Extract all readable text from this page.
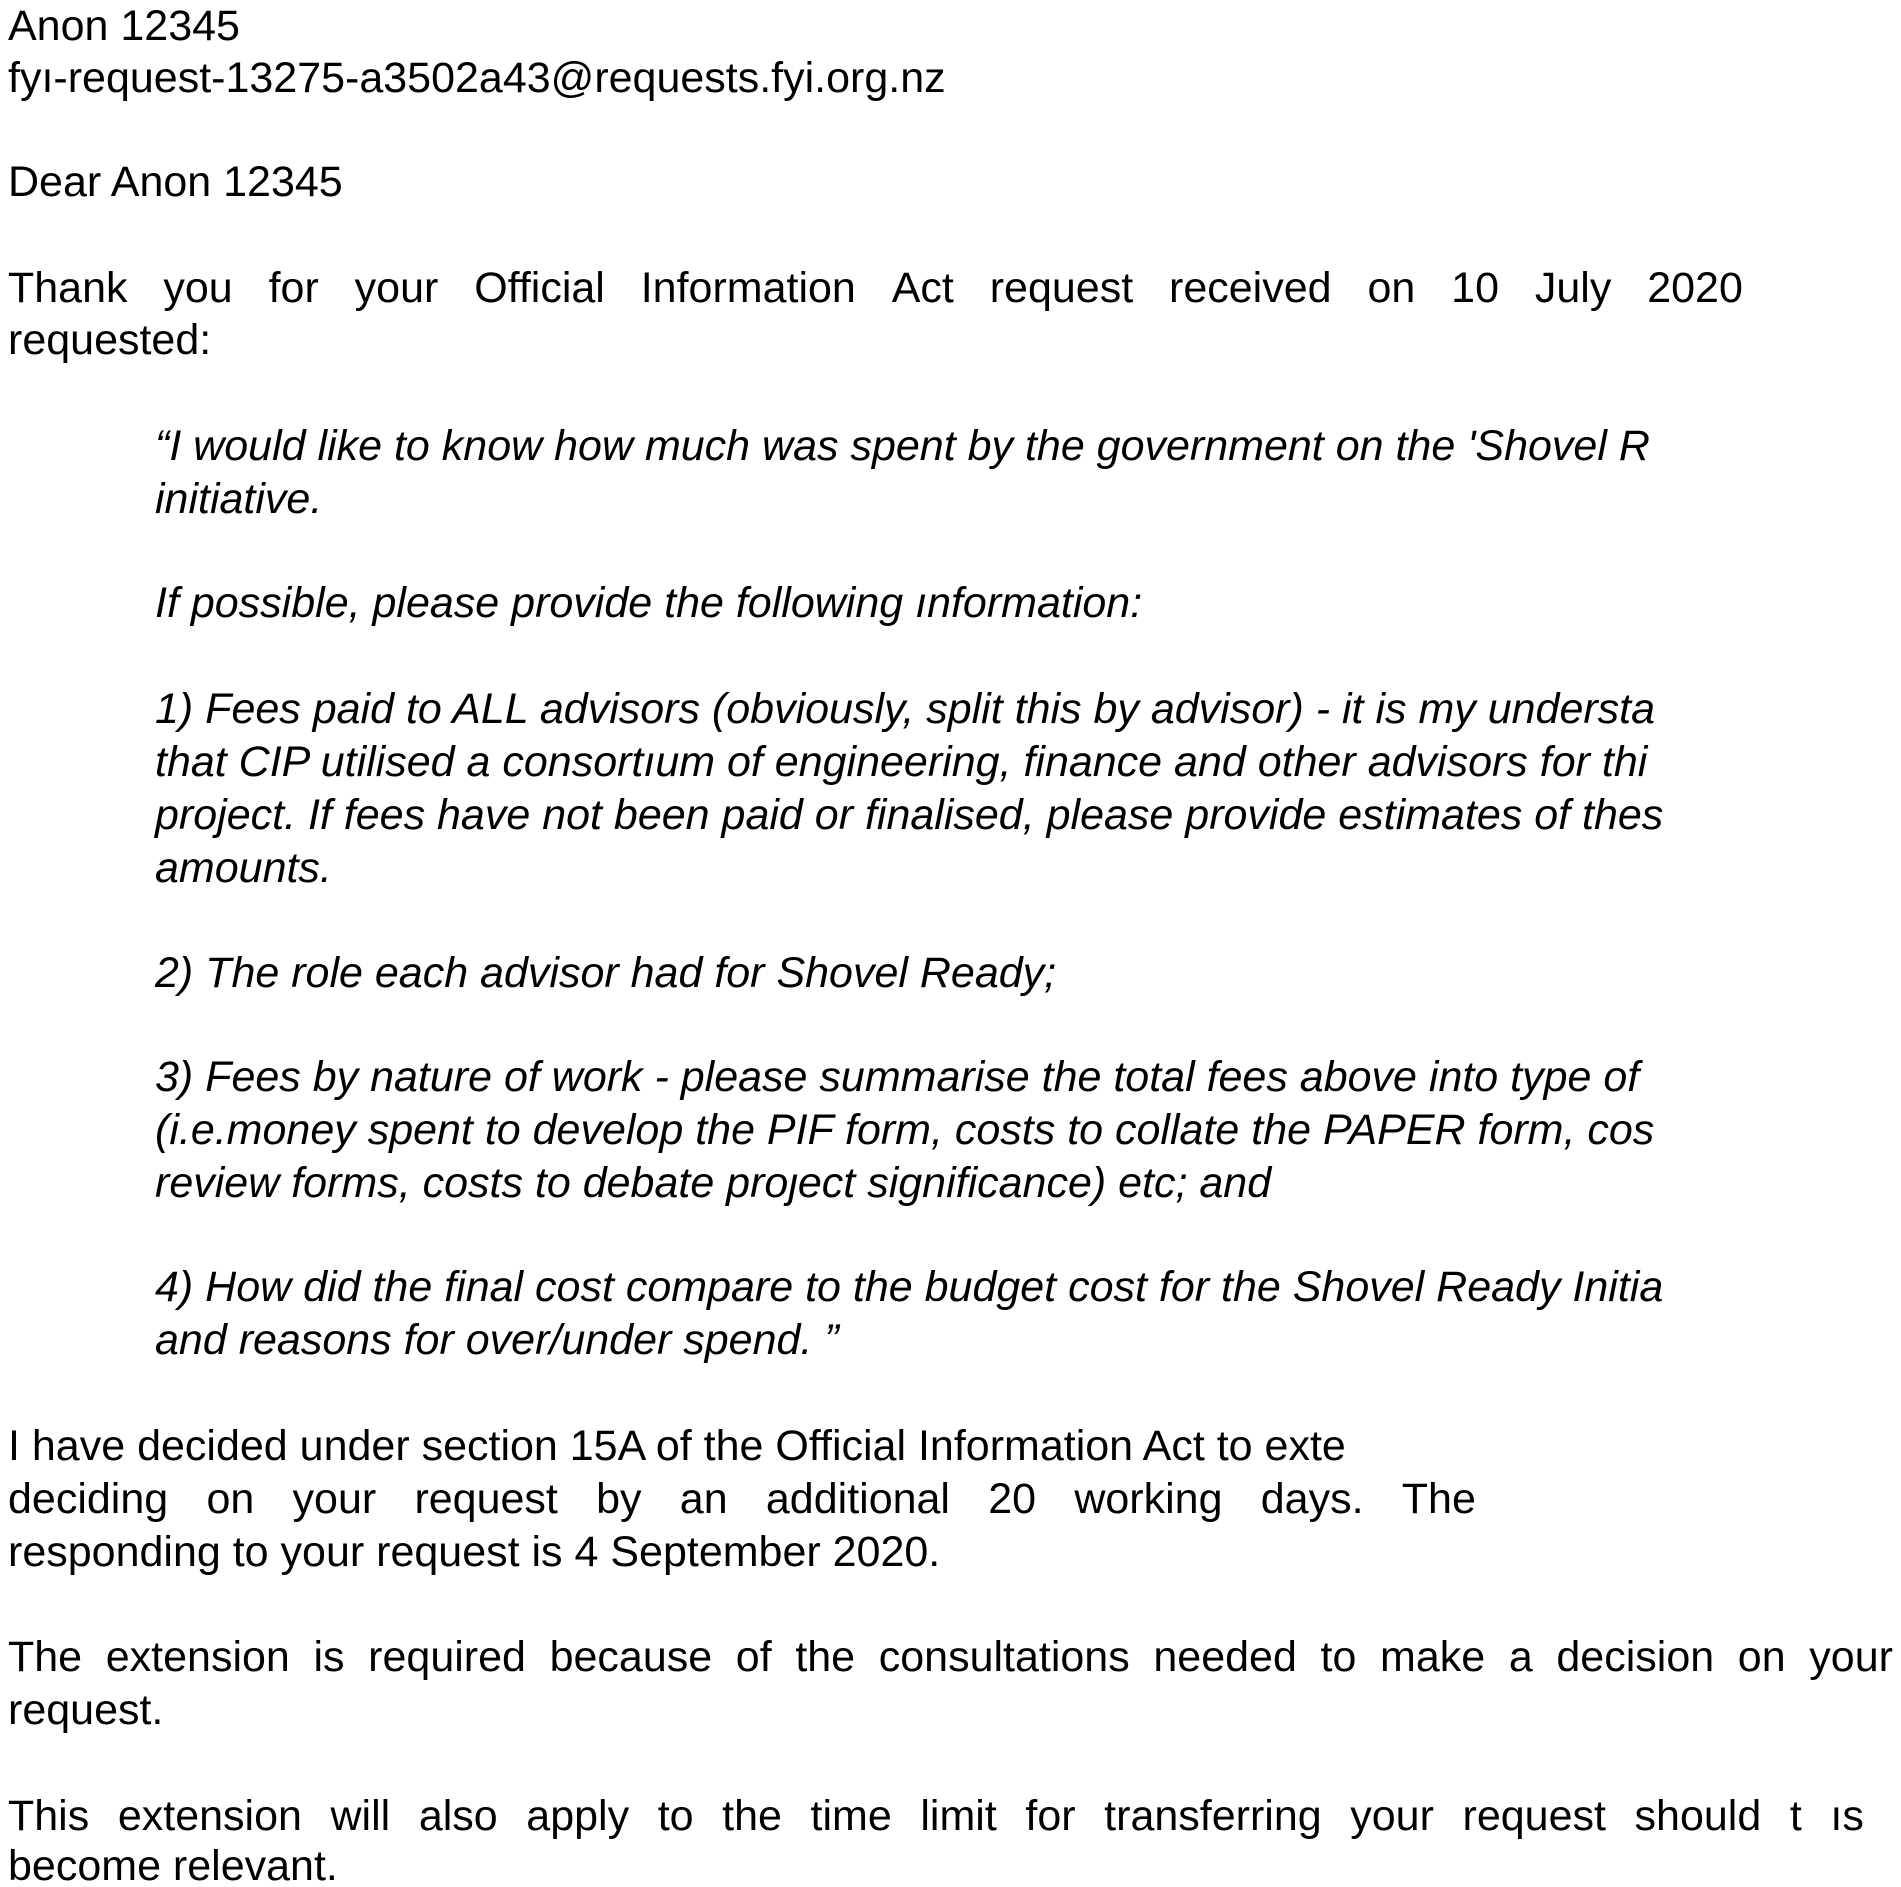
Anon 12345

fyı-request-13275-a3502a43@requests.fyi.org.nz

Dear Anon 12345

Thank you for your Official Information Act request received on 10 July 2020

requested:

“I would like to know how much was spent by the government on the 'Shovel R

initiative.

If possible, please provide the following ınformation:

1) Fees paid to ALL advisors (obviously, split this by advisor) - it is my understa

that CIP utilised a consortıum of engineering, finance and other advisors for thi

project. If fees have not been paid or finalised, please provide estimates of thes

amounts.

2) The role each advisor had for Shovel Ready;

3) Fees by nature of work - please summarise the total fees above into type of

(i.e.money spent to develop the PIF form, costs to collate the PAPER form, cos

review forms, costs to debate proȷect significance) etc; and

4) How did the final cost compare to the budget cost for the Shovel Ready Initia

and reasons for over/under spend. ”

I have decided under section 15A of the Official Information Act to exte

deciding on your request by an additional 20 working days. The

responding to your request is 4 September 2020.

The extension is required because of the consultations needed to make a decision on your

request.

This extension will also apply to the time limit for transferring your request should t ıs

become relevant.
